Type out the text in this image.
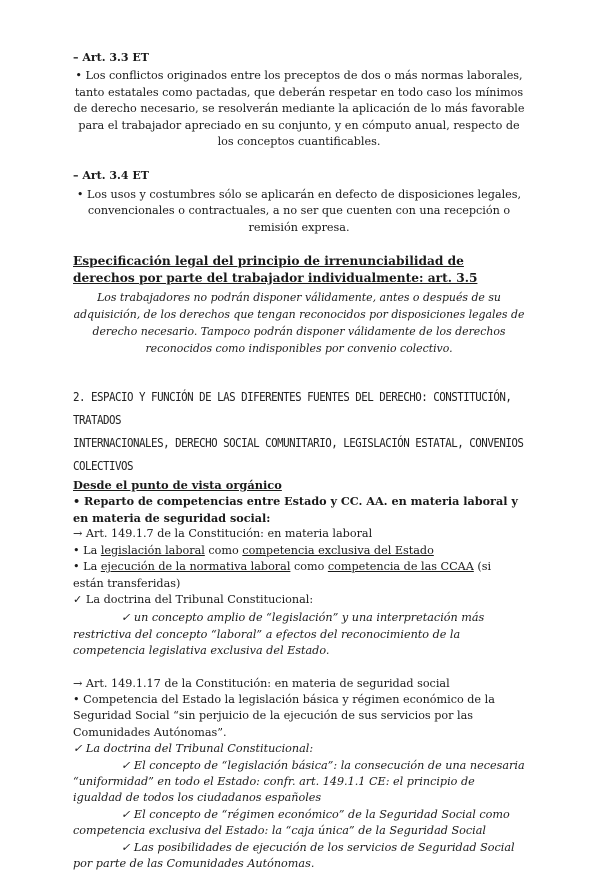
– Art. 3.3 ET

• Los conflictos originados entre los preceptos de dos o más normas laborales, tanto estatales como pactadas, que deberán respetar en todo caso los mínimos de derecho necesario, se resolverán mediante la aplicación de lo más favorable para el trabajador apreciado en su conjunto, y en cómputo anual, respecto de los conceptos cuantificables.

– Art. 3.4 ET

• Los usos y costumbres sólo se aplicarán en defecto de disposiciones legales, convencionales o contractuales, a no ser que cuenten con una recepción o remisión expresa.

Especificación legal del principio de irrenunciabilidad de derechos por parte del trabajador individualmente: art. 3.5

Los trabajadores no podrán disponer válidamente, antes o después de su adquisición, de los derechos que tengan reconocidos por disposiciones legales de derecho necesario. Tampoco podrán disponer válidamente de los derechos reconocidos como indisponibles por convenio colectivo.

2. ESPACIO Y FUNCIÓN DE LAS DIFERENTES FUENTES DEL DERECHO: CONSTITUCIÓN, TRATADOS
INTERNACIONALES, DERECHO SOCIAL COMUNITARIO, LEGISLACIÓN ESTATAL, CONVENIOS COLECTIVOS

Desde el punto de vista orgánico

• Reparto de competencias entre Estado y CC. AA. en materia laboral y en materia de seguridad social:

→ Art. 149.1.7 de la Constitución: en materia laboral

• La legislación laboral como competencia exclusiva del Estado

• La ejecución de la normativa laboral como competencia de las CCAA (si están transferidas)

✓ La doctrina del Tribunal Constitucional:

✓ un concepto amplio de “legislación” y una interpretación más restrictiva del concepto “laboral” a efectos del reconocimiento de la competencia legislativa exclusiva del Estado.

→ Art. 149.1.17 de la Constitución: en materia de seguridad social

• Competencia del Estado la legislación básica y régimen económico de la Seguridad Social “sin perjuicio de la ejecución de sus servicios por las Comunidades Autónomas”.

✓ La doctrina del Tribunal Constitucional:

✓ El concepto de “legislación básica”: la consecución de una necesaria “uniformidad” en todo el Estado: confr. art. 149.1.1 CE: el principio de igualdad de todos los ciudadanos españoles

✓ El concepto de “régimen económico” de la Seguridad Social como competencia exclusiva del Estado: la “caja única” de la Seguridad Social

✓ Las posibilidades de ejecución de los servicios de Seguridad Social por parte de las Comunidades Autónomas.
